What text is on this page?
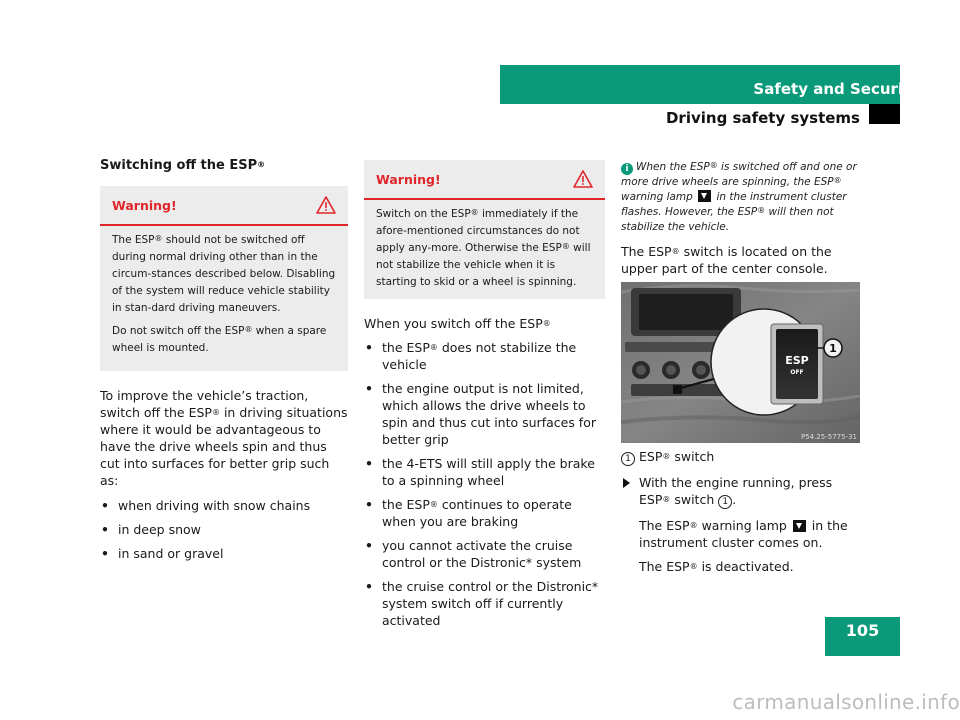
Safety and Security
Driving safety systems

Switching off the ESP®

Warning!

The ESP® should not be switched off during normal driving other than in the circum-stances described below. Disabling of the system will reduce vehicle stability in stan-dard driving maneuvers.

Do not switch off the ESP® when a spare wheel is mounted.

To improve the vehicle’s traction, switch off the ESP® in driving situations where it would be advantageous to have the drive wheels spin and thus cut into surfaces for better grip such as:

• when driving with snow chains
• in deep snow
• in sand or gravel
Warning!

Switch on the ESP® immediately if the afore-mentioned circumstances do not apply any-more. Otherwise the ESP® will not stabilize the vehicle when it is starting to skid or a wheel is spinning.

When you switch off the ESP®

• the ESP® does not stabilize the vehicle
• the engine output is not limited, which allows the drive wheels to spin and thus cut into surfaces for better grip
• the 4-ETS will still apply the brake to a spinning wheel
• the ESP® continues to operate when you are braking
• you cannot activate the cruise control or the Distronic* system
• the cruise control or the Distronic* system switch off if currently activated

i When the ESP® is switched off and one or more drive wheels are spinning, the ESP® warning lamp  in the instrument cluster flashes. However, the ESP® will then not stabilize the vehicle.

The ESP® switch is located on the upper part of the center console.

ESP
OFF
1
P54.25-5775-31

1 ESP® switch

With the engine running, press ESP® switch 1 .

The ESP® warning lamp  in the instrument cluster comes on.

The ESP® is deactivated.

105
carmanualsonline.info
